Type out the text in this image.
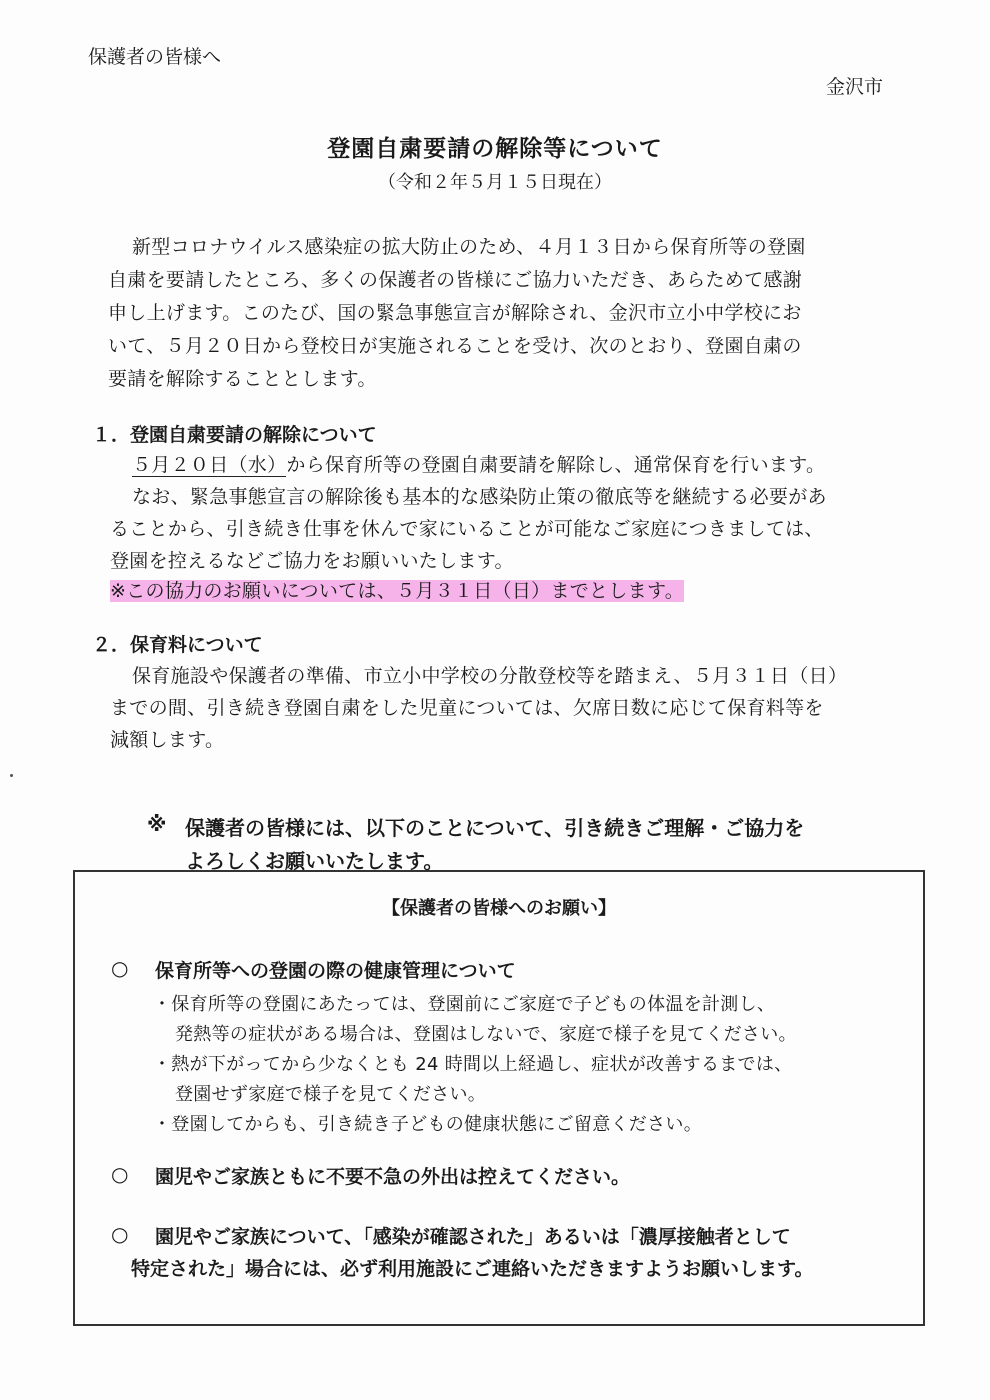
保護者の皆様へ
金沢市
登園自粛要請の解除等について
（令和２年５月１５日現在）
新型コロナウイルス感染症の拡大防止のため、４月１３日から保育所等の登園
自粛を要請したところ、多くの保護者の皆様にご協力いただき、あらためて感謝
申し上げます。このたび、国の緊急事態宣言が解除され、金沢市立小中学校にお
いて、５月２０日から登校日が実施されることを受け、次のとおり、登園自粛の
要請を解除することとします。
１．登園自粛要請の解除について
５月２０日（水）から保育所等の登園自粛要請を解除し、通常保育を行います。
なお、緊急事態宣言の解除後も基本的な感染防止策の徹底等を継続する必要があ
ることから、引き続き仕事を休んで家にいることが可能なご家庭につきましては、
登園を控えるなどご協力をお願いいたします。
※この協力のお願いについては、５月３１日（日）までとします。
２．保育料について
保育施設や保護者の準備、市立小中学校の分散登校等を踏まえ、５月３１日（日）
までの間、引き続き登園自粛をした児童については、欠席日数に応じて保育料等を
減額します。
※ 保護者の皆様には、以下のことについて、引き続きご理解・ご協力を
よろしくお願いいたします。
【保護者の皆様へのお願い】
○ 保育所等への登園の際の健康管理について
・保育所等の登園にあたっては、登園前にご家庭で子どもの体温を計測し、
発熱等の症状がある場合は、登園はしないで、家庭で様子を見てください。
・熱が下がってから少なくとも 24 時間以上経過し、症状が改善するまでは、
登園せず家庭で様子を見てください。
・登園してからも、引き続き子どもの健康状態にご留意ください。
○ 園児やご家族ともに不要不急の外出は控えてください。
○ 園児やご家族について、「感染が確認された」あるいは「濃厚接触者として
特定された」場合には、必ず利用施設にご連絡いただきますようお願いします。
